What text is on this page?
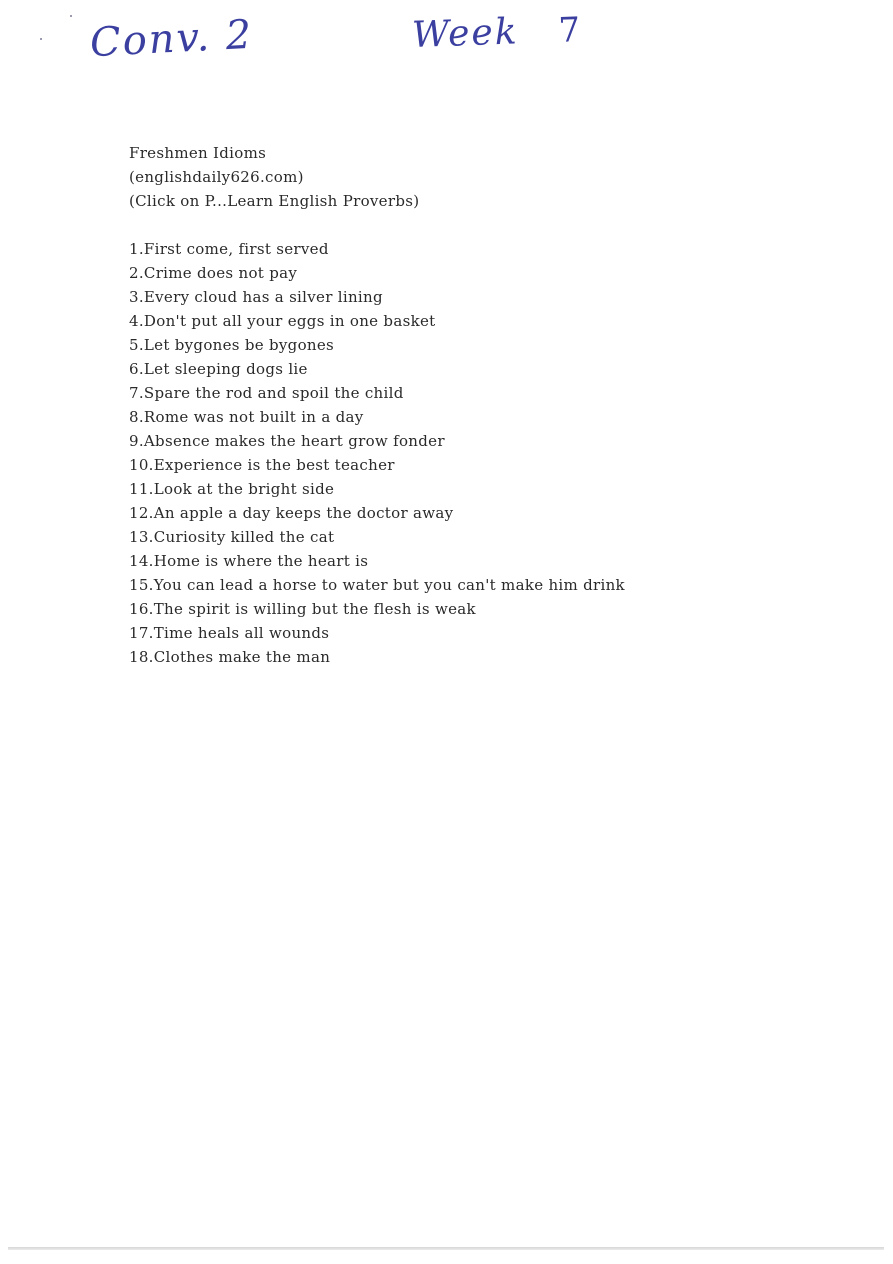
Conv. 2	Week 7
Freshmen Idioms
(englishdaily626.com)
(Click on P...Learn English Proverbs)
1.First come, first served
2.Crime does not pay
3.Every cloud has a silver lining
4.Don't put all your eggs in one basket
5.Let bygones be bygones
6.Let sleeping dogs lie
7.Spare the rod and spoil the child
8.Rome was not built in a day
9.Absence makes the heart grow fonder
10.Experience is the best teacher
11.Look at the bright side
12.An apple a day keeps the doctor away
13.Curiosity killed the cat
14.Home is where the heart is
15.You can lead a horse to water but you can't make him drink
16.The spirit is willing but the flesh is weak
17.Time heals all wounds
18.Clothes make the man
